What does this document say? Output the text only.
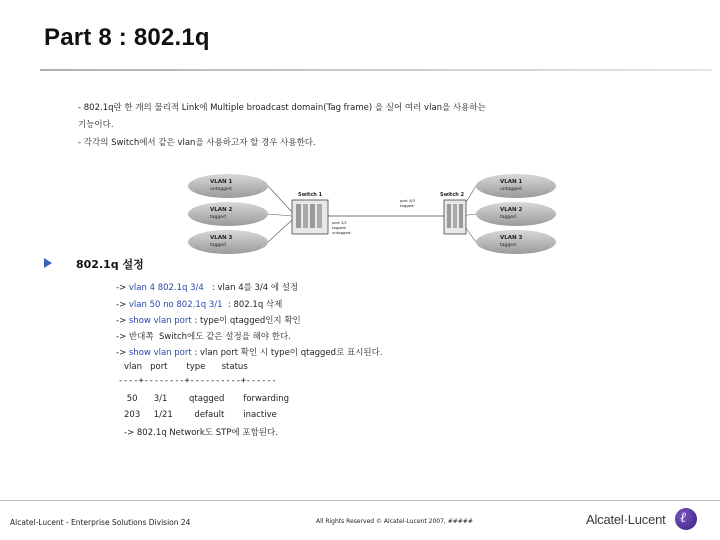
Part 8 : 802.1q
- 802.1q란 한 개의 물리적 Link에 Multiple broadcast domain(Tag frame) 을 실어 여러 vlan을 사용하는
기능이다.
- 각각의 Switch에서 같은 vlan을 사용하고자 할 경우 사용한다.
VLAN 1
untagged
VLAN 2
tagged
VLAN 3
tagged
VLAN 1
untagged
VLAN 2
tagged
VLAN 3
tagged
Switch 1	Switch 2
port 3/1
tagged:
untagged:
port 4/3
tagged:
802.1q 설정
-> vlan 4 802.1q 3/4   : vlan 4를 3/4 에 설정
-> vlan 50 no 802.1q 3/1  : 802.1q 삭제
-> show vlan port : type이 qtagged인지 확인
-> 반대쪽  Switch에도 같은 설정을 해야 한다.
-> show vlan port : vlan port 확인 시 type이 qtagged로 표시된다.
vlan   port       type      status
----+--------+----------+------
50      3/1        qtagged       forwarding
203     1/21        default       inactive
-> 802.1q Network도 STP에 포함된다.
Alcatel-Lucent - Enterprise Solutions Division 24	All Rights Reserved © Alcatel-Lucent 2007, #####	Alcatel·Lucent ℓ
